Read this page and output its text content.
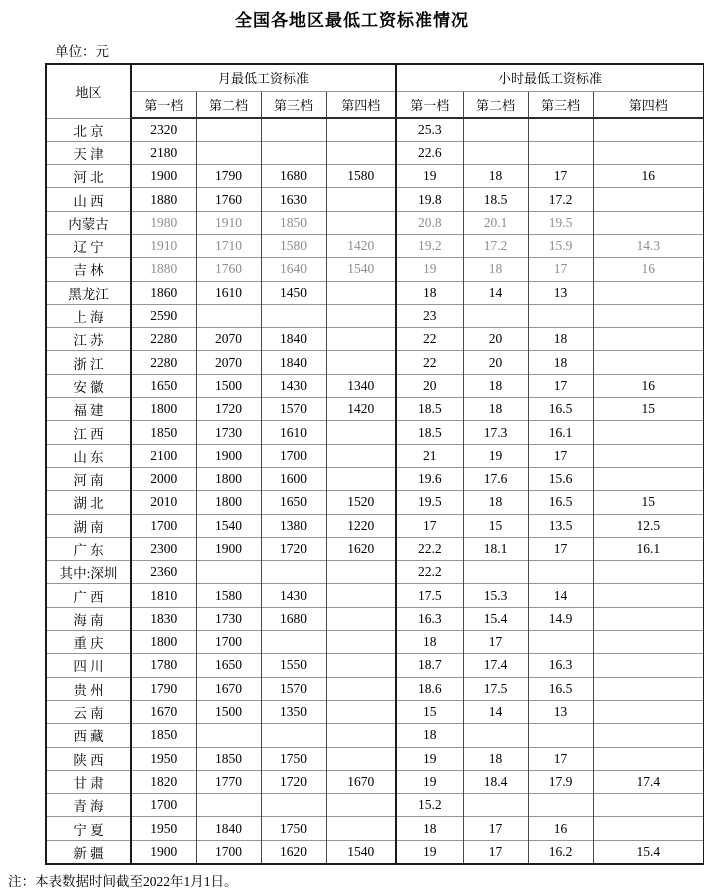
全国各地区最低工资标准情况
单位：元
地区	月最低工资标准				小时最低工资标准			
	第一档	第二档	第三档	第四档	第一档	第二档	第三档	第四档
北 京	2320				25.3			
天 津	2180				22.6			
河 北	1900	1790	1680	1580	19	18	17	16
山 西	1880	1760	1630		19.8	18.5	17.2	
内蒙古	1980	1910	1850		20.8	20.1	19.5	
辽 宁	1910	1710	1580	1420	19.2	17.2	15.9	14.3
吉 林	1880	1760	1640	1540	19	18	17	16
黑龙江	1860	1610	1450		18	14	13	
上 海	2590				23			
江 苏	2280	2070	1840		22	20	18	
浙 江	2280	2070	1840		22	20	18	
安 徽	1650	1500	1430	1340	20	18	17	16
福 建	1800	1720	1570	1420	18.5	18	16.5	15
江 西	1850	1730	1610		18.5	17.3	16.1	
山 东	2100	1900	1700		21	19	17	
河 南	2000	1800	1600		19.6	17.6	15.6	
湖 北	2010	1800	1650	1520	19.5	18	16.5	15
湖 南	1700	1540	1380	1220	17	15	13.5	12.5
广 东	2300	1900	1720	1620	22.2	18.1	17	16.1
其中:深圳	2360				22.2			
广 西	1810	1580	1430		17.5	15.3	14	
海 南	1830	1730	1680		16.3	15.4	14.9	
重 庆	1800	1700			18	17		
四 川	1780	1650	1550		18.7	17.4	16.3	
贵 州	1790	1670	1570		18.6	17.5	16.5	
云 南	1670	1500	1350		15	14	13	
西 藏	1850				18			
陕 西	1950	1850	1750		19	18	17	
甘 肃	1820	1770	1720	1670	19	18.4	17.9	17.4
青 海	1700				15.2			
宁 夏	1950	1840	1750		18	17	16	
新 疆	1900	1700	1620	1540	19	17	16.2	15.4
注：本表数据时间截至2022年1月1日。
